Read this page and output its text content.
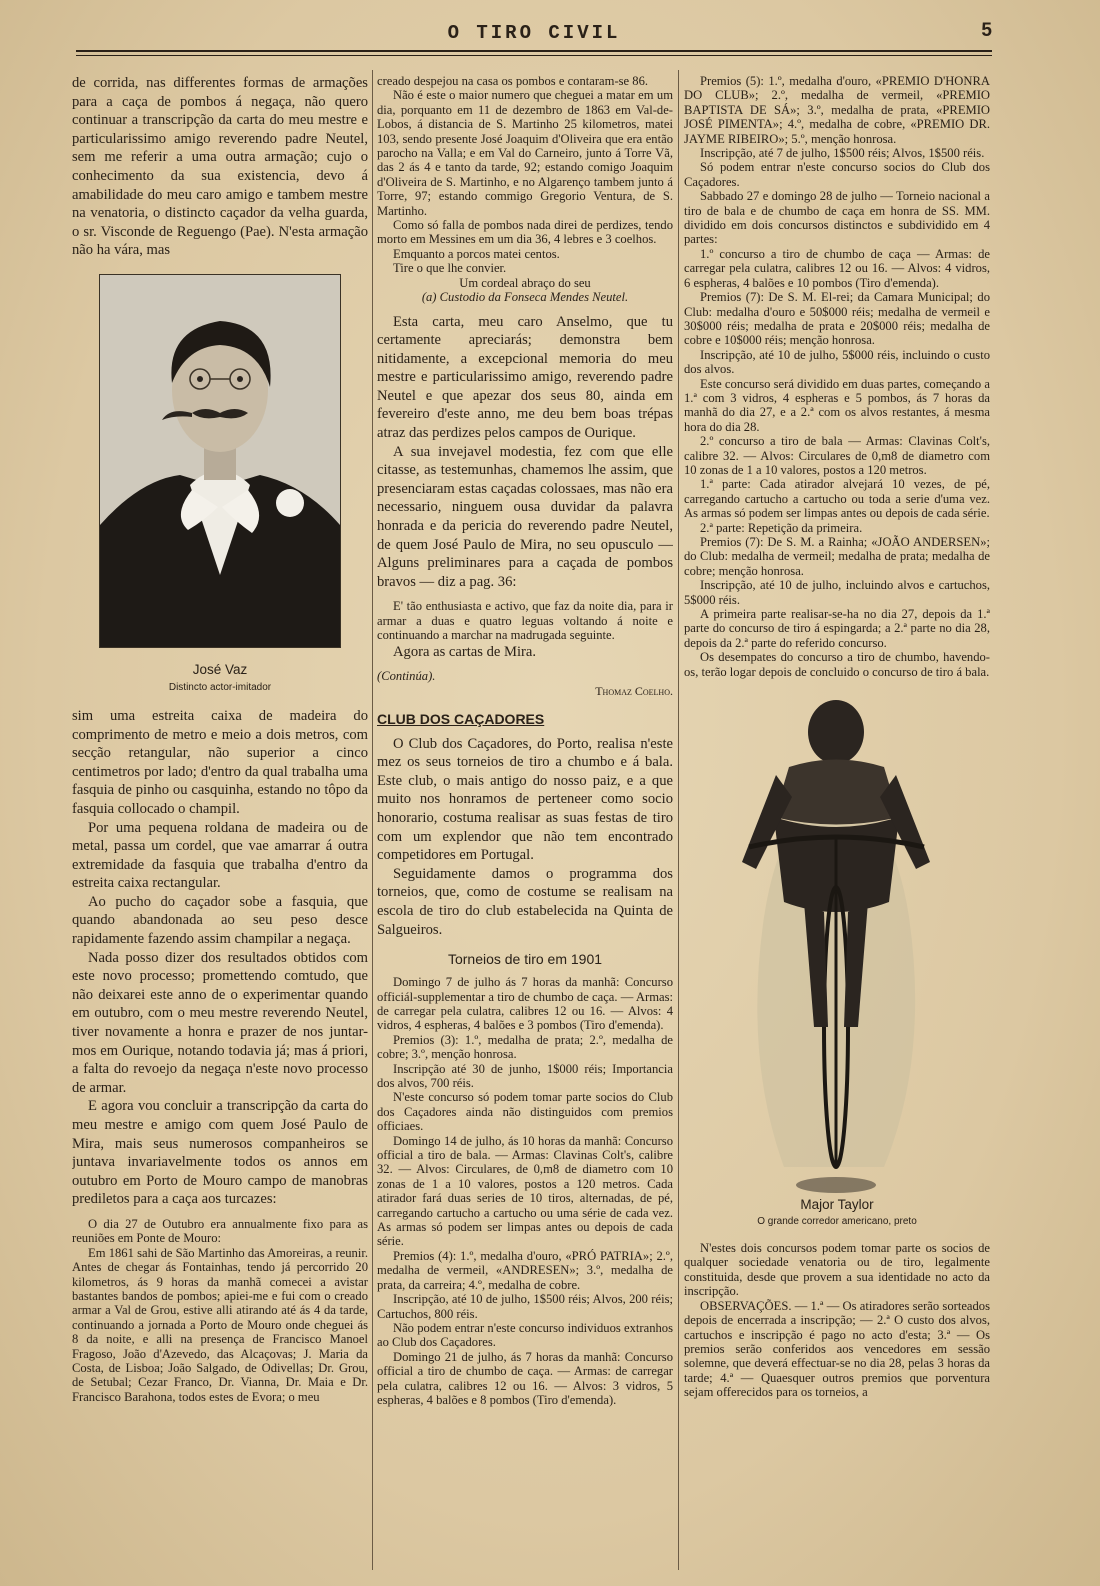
O TIRO CIVIL	5

de corrida, nas differentes formas de armações para a caça de pombos á negaça, não quero continuar a transcripção da carta do meu mestre e particularissimo amigo reverendo padre Neutel, sem me referir a uma outra armação; cujo o conhecimento da sua existencia, devo á amabilidade do meu caro amigo e tambem mestre na venatoria, o distincto caçador da velha guarda, o sr. Visconde de Reguengo (Pae). N'esta armação não ha vára, mas

José Vaz
Distincto actor-imitador

sim uma estreita caixa de madeira do comprimento de metro e meio a dois metros, com secção retangular, não superior a cinco centimetros por lado; d'entro da qual trabalha uma fasquia de pinho ou casquinha, estando no tôpo da fasquia collocado o champil.

Por uma pequena roldana de madeira ou de metal, passa um cordel, que vae amarrar á outra extremidade da fasquia que trabalha d'entro da estreita caixa rectangular.

Ao pucho do caçador sobe a fasquia, que quando abandonada ao seu peso desce rapidamente fazendo assim champilar a negaça.

Nada posso dizer dos resultados obtidos com este novo processo; promettendo comtudo, que não deixarei este anno de o experimentar quando em outubro, com o meu mestre reverendo Neutel, tiver novamente a honra e prazer de nos juntar-mos em Ourique, notando todavia já; mas á priori, a falta do revoejo da negaça n'este novo processo de armar.

E agora vou concluir a transcripção da carta do meu mestre e amigo com quem José Paulo de Mira, mais seus numerosos companheiros se juntava invariavelmente todos os annos em outubro em Porto de Mouro campo de manobras prediletos para a caça aos turcazes:

O dia 27 de Outubro era annualmente fixo para as reuniões em Ponte de Mouro:

Em 1861 sahi de São Martinho das Amoreiras, a reunir. Antes de chegar ás Fontainhas, tendo já percorrido 20 kilometros, ás 9 horas da manhã comecei a avistar bastantes bandos de pombos; apiei-me e fui com o creado armar a Val de Grou, estive alli atirando até ás 4 da tarde, continuando a jornada a Porto de Mouro onde cheguei ás 8 da noite, e alli na presença de Francisco Manoel Fragoso, João d'Azevedo, das Alcaçovas; J. Maria da Costa, de Lisboa; João Salgado, de Odivellas; Dr. Grou, de Setubal; Cezar Franco, Dr. Vianna, Dr. Maia e Dr. Francisco Barahona, todos estes de Evora; o meu

creado despejou na casa os pombos e contaram-se 86.

Não é este o maior numero que cheguei a matar em um dia, porquanto em 11 de dezembro de 1863 em Val-de-Lobos, á distancia de S. Martinho 25 kilometros, matei 103, sendo presente José Joaquim d'Oliveira que era então parocho na Valla; e em Val do Carneiro, junto á Torre Vã, das 2 ás 4 e tanto da tarde, 92; estando comigo Joaquim d'Oliveira de S. Martinho, e no Algarenço tambem junto á Torre, 97; estando commigo Gregorio Ventura, de S. Martinho.

Como só falla de pombos nada direi de perdizes, tendo morto em Messines em um dia 36, 4 lebres e 3 coelhos.

Emquanto a porcos matei centos.

Tire o que lhe convier.

Um cordeal abraço do seu

(a) Custodio da Fonseca Mendes Neutel.

Esta carta, meu caro Anselmo, que tu certamente apreciarás; demonstra bem nitidamente, a excepcional memoria do meu mestre e particularissimo amigo, reverendo padre Neutel e que apezar dos seus 80, ainda em fevereiro d'este anno, me deu bem boas trépas atraz das perdizes pelos campos de Ourique.

A sua invejavel modestia, fez com que elle citasse, as testemunhas, chamemos lhe assim, que presenciaram estas caçadas colossaes, mas não era necessario, ninguem ousa duvidar da palavra honrada e da pericia do reverendo padre Neutel, de quem José Paulo de Mira, no seu opusculo — Alguns preliminares para a caçada de pombos bravos — diz a pag. 36:

E' tão enthusiasta e activo, que faz da noite dia, para ir armar a duas e quatro leguas voltando á noite e continuando a marchar na madrugada seguinte.

Agora as cartas de Mira.

(Continúa).

Thomaz Coelho.

CLUB DOS CAÇADORES

O Club dos Caçadores, do Porto, realisa n'este mez os seus torneios de tiro a chumbo e á bala. Este club, o mais antigo do nosso paiz, e a que muito nos honramos de perteneer como socio honorario, costuma realisar as suas festas de tiro com um explendor que não tem encontrado competidores em Portugal.

Seguidamente damos o programma dos torneios, que, como de costume se realisam na escola de tiro do club estabelecida na Quinta de Salgueiros.

Torneios de tiro em 1901

Domingo 7 de julho ás 7 horas da manhã: Concurso officiál-supplementar a tiro de chumbo de caça. — Armas: de carregar pela culatra, calibres 12 ou 16. — Alvos: 4 vidros, 4 espheras, 4 balões e 3 pombos (Tiro d'emenda).

Premios (3): 1.º, medalha de prata; 2.º, medalha de cobre; 3.º, menção honrosa.

Inscripção até 30 de junho, 1$000 réis; Importancia dos alvos, 700 réis.

N'este concurso só podem tomar parte socios do Club dos Caçadores ainda não distinguidos com premios officiaes.

Domingo 14 de julho, ás 10 horas da manhã: Concurso official a tiro de bala. — Armas: Clavinas Colt's, calibre 32. — Alvos: Circulares, de 0,m8 de diametro com 10 zonas de 1 a 10 valores, postos a 120 metros. Cada atirador fará duas series de 10 tiros, alternadas, de pé, carregando cartucho a cartucho ou uma série de cada vez. As armas só podem ser limpas antes ou depois de cada série.

Premios (4): 1.º, medalha d'ouro, «PRÓ PATRIA»; 2.º, medalha de vermeil, «ANDRESEN»; 3.º, medalha de prata, da carreira; 4.º, medalha de cobre.

Inscripção, até 10 de julho, 1$500 réis; Alvos, 200 réis; Cartuchos, 800 réis.

Não podem entrar n'este concurso individuos extranhos ao Club dos Caçadores.

Domingo 21 de julho, ás 7 horas da manhã: Concurso official a tiro de chumbo de caça. — Armas: de carregar pela culatra, calibres 12 ou 16. — Alvos: 3 vidros, 5 espheras, 4 balões e 8 pombos (Tiro d'emenda).

Premios (5): 1.º, medalha d'ouro, «PREMIO D'HONRA DO CLUB»; 2.º, medalha de vermeil, «PREMIO BAPTISTA DE SÁ»; 3.º, medalha de prata, «PREMIO JOSÉ PIMENTA»; 4.º, medalha de cobre, «PREMIO DR. JAYME RIBEIRO»; 5.º, menção honrosa.

Inscripção, até 7 de julho, 1$500 réis; Alvos, 1$500 réis.

Só podem entrar n'este concurso socios do Club dos Caçadores.

Sabbado 27 e domingo 28 de julho — Torneio nacional a tiro de bala e de chumbo de caça em honra de SS. MM. dividido em dois concursos distinctos e subdividido em 4 partes:

1.º concurso a tiro de chumbo de caça — Armas: de carregar pela culatra, calibres 12 ou 16. — Alvos: 4 vidros, 6 espheras, 4 balões e 10 pombos (Tiro d'emenda).

Premios (7): De S. M. El-rei; da Camara Municipal; do Club: medalha d'ouro e 50$000 réis; medalha de vermeil e 30$000 réis; medalha de prata e 20$000 réis; medalha de cobre e 10$000 réis; menção honrosa.

Inscripção, até 10 de julho, 5$000 réis, incluindo o custo dos alvos.

Este concurso será dividido em duas partes, começando a 1.ª com 3 vidros, 4 espheras e 5 pombos, ás 7 horas da manhã do dia 27, e a 2.ª com os alvos restantes, á mesma hora do dia 28.

2.º concurso a tiro de bala — Armas: Clavinas Colt's, calibre 32. — Alvos: Circulares de 0,m8 de diametro com 10 zonas de 1 a 10 valores, postos a 120 metros.

1.ª parte: Cada atirador alvejará 10 vezes, de pé, carregando cartucho a cartucho ou toda a serie d'uma vez. As armas só podem ser limpas antes ou depois de cada série.

2.ª parte: Repetição da primeira.

Premios (7): De S. M. a Rainha; «JOÃO ANDERSEN»; do Club: medalha de vermeil; medalha de prata; medalha de cobre; menção honrosa.

Inscripção, até 10 de julho, incluindo alvos e cartuchos, 5$000 réis.

A primeira parte realisar-se-ha no dia 27, depois da 1.ª parte do concurso de tiro á espingarda; a 2.ª parte no dia 28, depois da 2.ª parte do referido concurso.

Os desempates do concurso a tiro de chumbo, havendo-os, terão logar depois de concluido o concurso de tiro á bala.

Major Taylor
O grande corredor americano, preto

N'estes dois concursos podem tomar parte os socios de qualquer sociedade venatoria ou de tiro, legalmente constituida, desde que provem a sua identidade no acto da inscripção.

OBSERVAÇÕES. — 1.ª — Os atiradores serão sorteados depois de encerrada a inscripção; — 2.ª O custo dos alvos, cartuchos e inscripção é pago no acto d'esta; 3.ª — Os premios serão conferidos aos vencedores em sessão solemne, que deverá effectuar-se no dia 28, pelas 3 horas da tarde; 4.ª — Quaesquer outros premios que porventura sejam offerecidos para os torneios, a
